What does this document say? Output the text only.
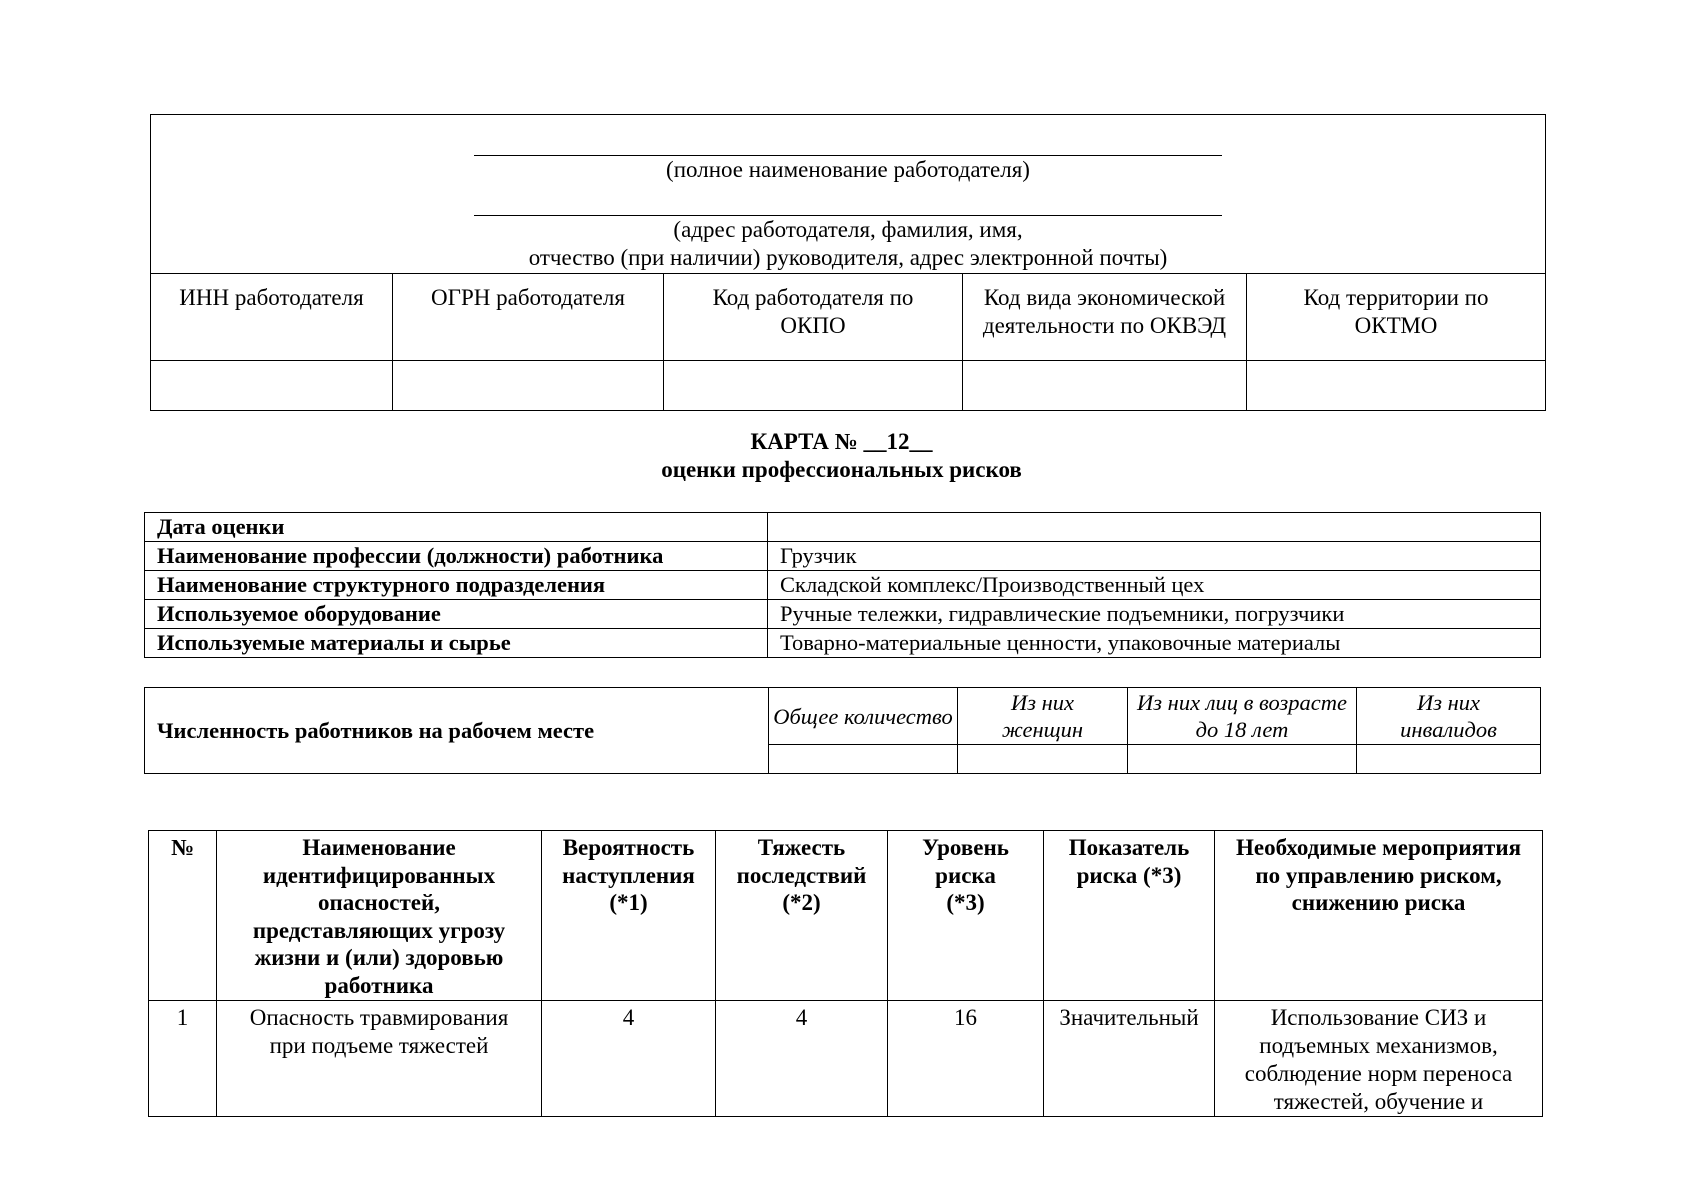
(полное наименование работодателя)
(адрес работодателя, фамилия, имя,
отчество (при наличии) руководителя, адрес электронной почты)				

ИНН работодателя	ОГРН работодателя	Код работодателя по ОКПО	Код вида экономической деятельности по ОКВЭД	Код территории по ОКТМО

КАРТА № __12__
оценки профессиональных рисков
Дата оценки	
Наименование профессии (должности) работника	Грузчик
Наименование структурного подразделения	Складской комплекс/Производственный цех
Используемое оборудование	Ручные тележки, гидравлические подъемники, погрузчики
Используемые материалы и сырье	Товарно-материальные ценности, упаковочные материалы
Численность работников на рабочем месте	Общее количество	Из них женщин	Из них лиц в возрасте до 18 лет	Из них инвалидов

№	Наименование идентифицированных опасностей, представляющих угрозу жизни и (или) здоровью работника	Вероятность наступления (*1)	Тяжесть последствий (*2)	Уровень риска (*3)	Показатель риска (*3)	Необходимые мероприятия по управлению риском, снижению риска
1	Опасность травмирования при подъеме тяжестей	4	4	16	Значительный	Использование СИЗ и подъемных механизмов, соблюдение норм переноса тяжестей, обучение и
